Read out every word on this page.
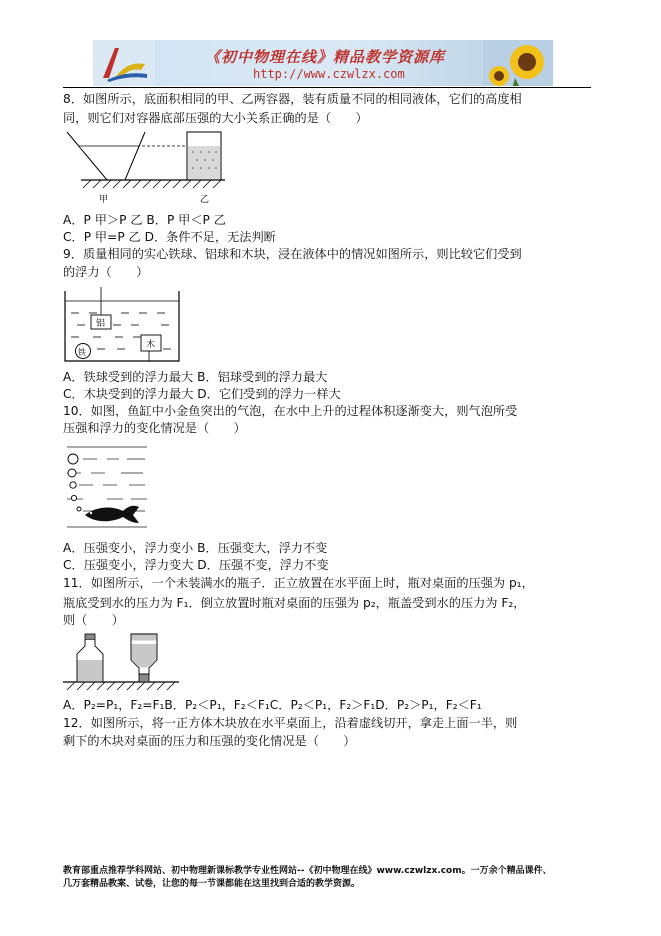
《初中物理在线》精品教学资源库
http://www.czwlzx.com
8．如图所示，底面积相同的甲、乙两容器，装有质量不同的相同液体，它们的高度相
同，则它们对容器底部压强的大小关系正确的是（　　）
甲	乙
A．P 甲＞P 乙 B．P 甲＜P 乙
C．P 甲=P 乙 D．条件不足，无法判断
9．质量相同的实心铁球、铝球和木块，浸在液体中的情况如图所示，则比较它们受到
的浮力（　　）
铝
铁
木
A．铁球受到的浮力最大 B．铝球受到的浮力最大
C．木块受到的浮力最大 D．它们受到的浮力一样大
10．如图，鱼缸中小金鱼突出的气泡，在水中上升的过程体积逐渐变大，则气泡所受
压强和浮力的变化情况是（　　）
A．压强变小，浮力变小 B．压强变大，浮力不变
C．压强变小，浮力变大 D．压强不变，浮力不变
11．如图所示，一个未装满水的瓶子．正立放置在水平面上时，瓶对桌面的压强为 p₁，
瓶底受到水的压力为 F₁．倒立放置时瓶对桌面的压强为 p₂，瓶盖受到水的压力为 F₂，
则（　　）
A．P₂=P₁，F₂=F₁B．P₂＜P₁，F₂＜F₁C．P₂＜P₁，F₂＞F₁D．P₂＞P₁，F₂＜F₁
12．如图所示，将一正方体木块放在水平桌面上，沿着虚线切开，拿走上面一半，则
剩下的木块对桌面的压力和压强的变化情况是（　　）
教育部重点推荐学科网站、初中物理新课标教学专业性网站--《初中物理在线》www.czwlzx.com。一万余个精品课件、
几万套精品教案、试卷，让您的每一节课都能在这里找到合适的教学资源。
